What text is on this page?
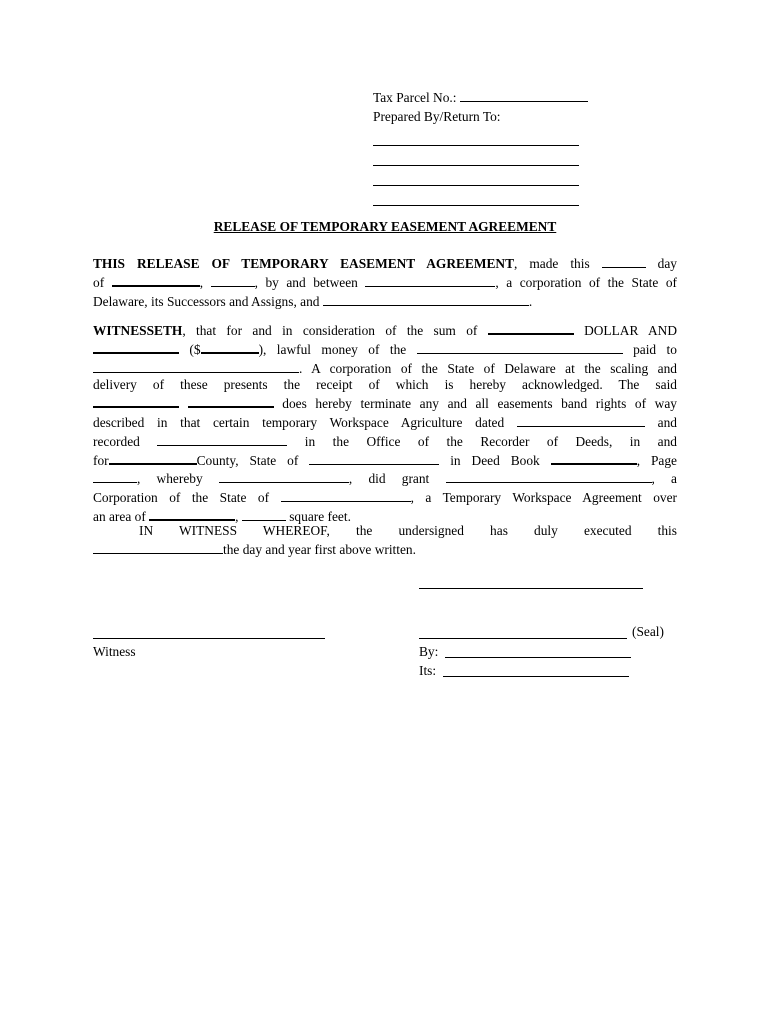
Tax Parcel No.:
Prepared By/Return To:
RELEASE OF TEMPORARY EASEMENT AGREEMENT
THIS RELEASE OF TEMPORARY EASEMENT AGREEMENT, made this	day
of	,	, by and between	, a corporation of the State of
Delaware, its Successors and Assigns, and	.
WITNESSETH, that for and in consideration of the sum of	DOLLAR AND
($	), lawful money of the	paid to
. A corporation of the State of Delaware at the scaling and
delivery of these presents the receipt of which is hereby acknowledged. The said
does hereby terminate any and all easements band rights of way
described in that certain temporary Workspace Agriculture dated	and
recorded	in the Office of the Recorder of Deeds, in and
for	County, State of	in Deed Book	, Page
, whereby	, did grant	, a
Corporation of the State of	, a Temporary Workspace Agreement over
an area of	,	square feet.
IN WITNESS WHEREOF, the undersigned has duly executed this
the day and year first above written.
Witness
(Seal)
By:
Its:
